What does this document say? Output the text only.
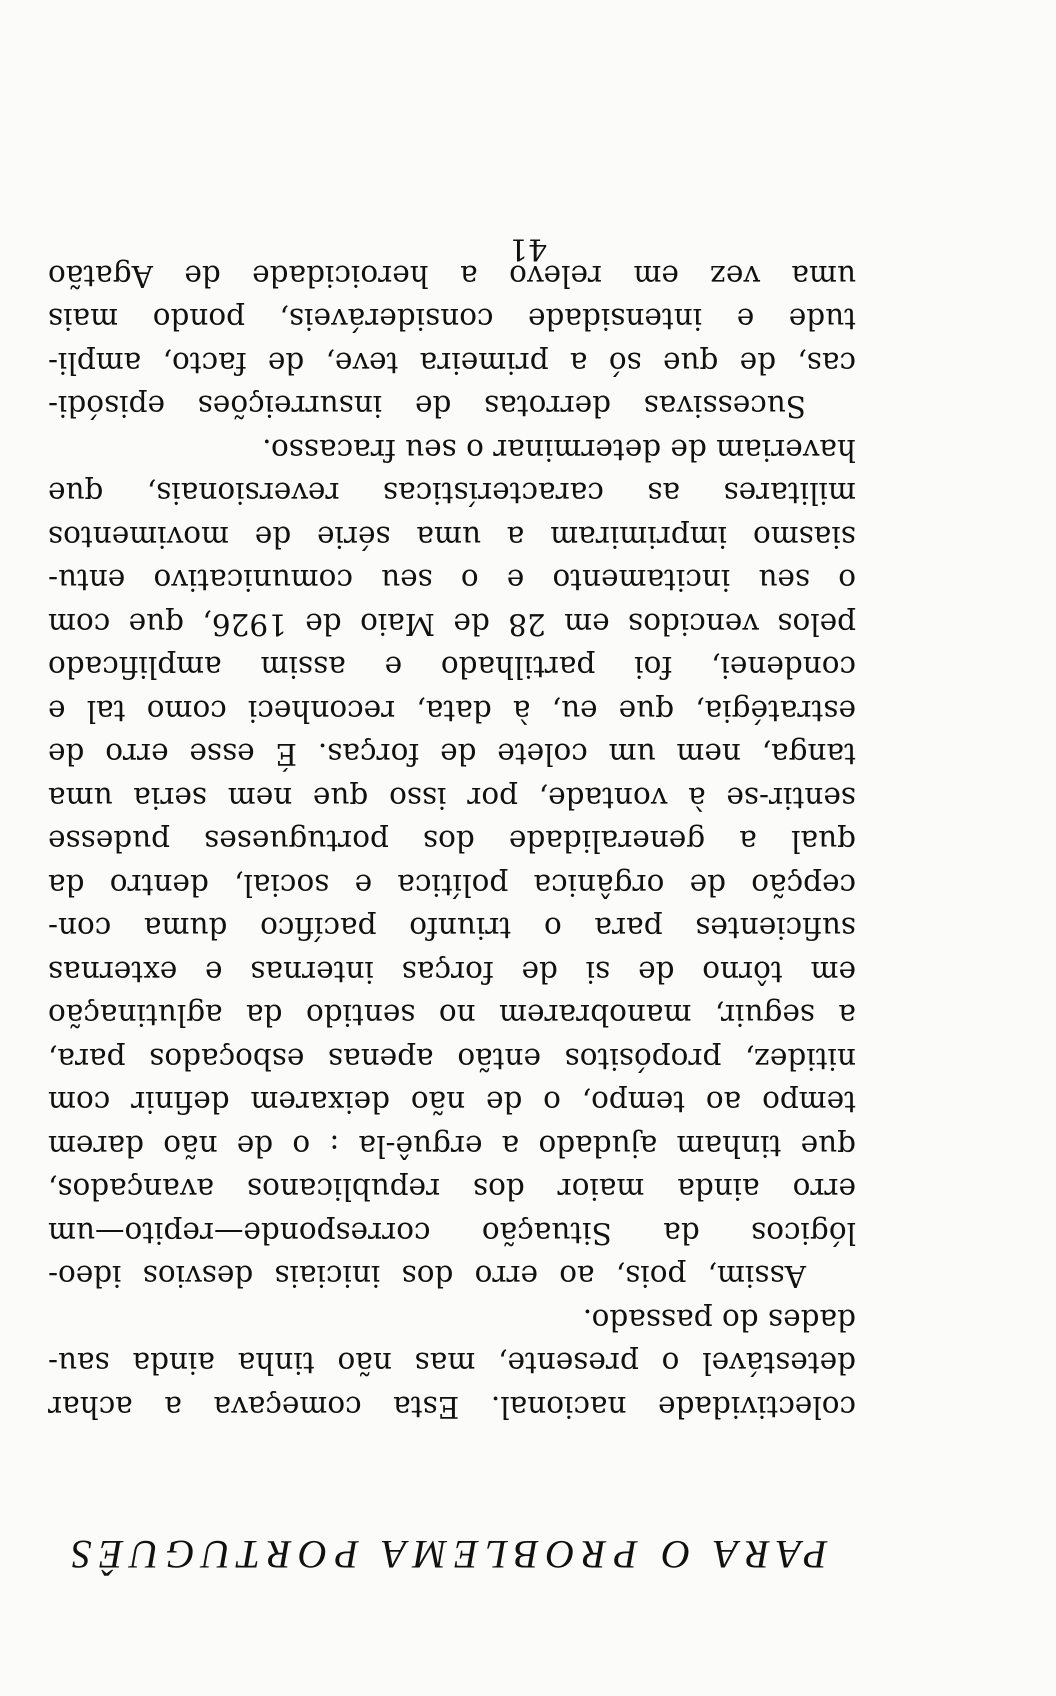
PARA O PROBLEMA PORTUGUÊS
colectividade nacional. Esta começava a achar
detestável o presente, mas não tinha ainda sau-
dades do passado.
Assim, pois, ao erro dos iniciais desvios ideo-
lógicos da Situação corresponde—repito—um
erro ainda maior dos republicanos avançados,
que tinham ajudado a erguê-la : o de não darem
tempo ao tempo, o de não deixarem definir com
nitidez, propósitos então apenas esboçados para,
a seguir, manobrarem no sentido da aglutinação
em tôrno de si de forças internas e externas
suficientes para o triunfo pacífico duma con-
cepção de orgânica política e social, dentro da
qual a generalidade dos portugueses pudesse
sentir-se à vontade, por isso que nem seria uma
tanga, nem um colete de forças. É esse erro de
estratégia, que eu, à data, reconheci como tal e
condenei, foi partilhado e assim amplificado
pelos vencidos em 28 de Maio de 1926, que com
o seu incitamento e o seu comunicativo entu-
siasmo imprimiram a uma série de movimentos
militares as características reversionais, que
haveriam de determinar o seu fracasso.
Sucessivas derrotas de insurreições episódi-
cas, de que só a primeira teve, de facto, ampli-
tude e intensidade consideráveis, pondo mais
uma vez em relevo a heroicidade de Agatão
41
